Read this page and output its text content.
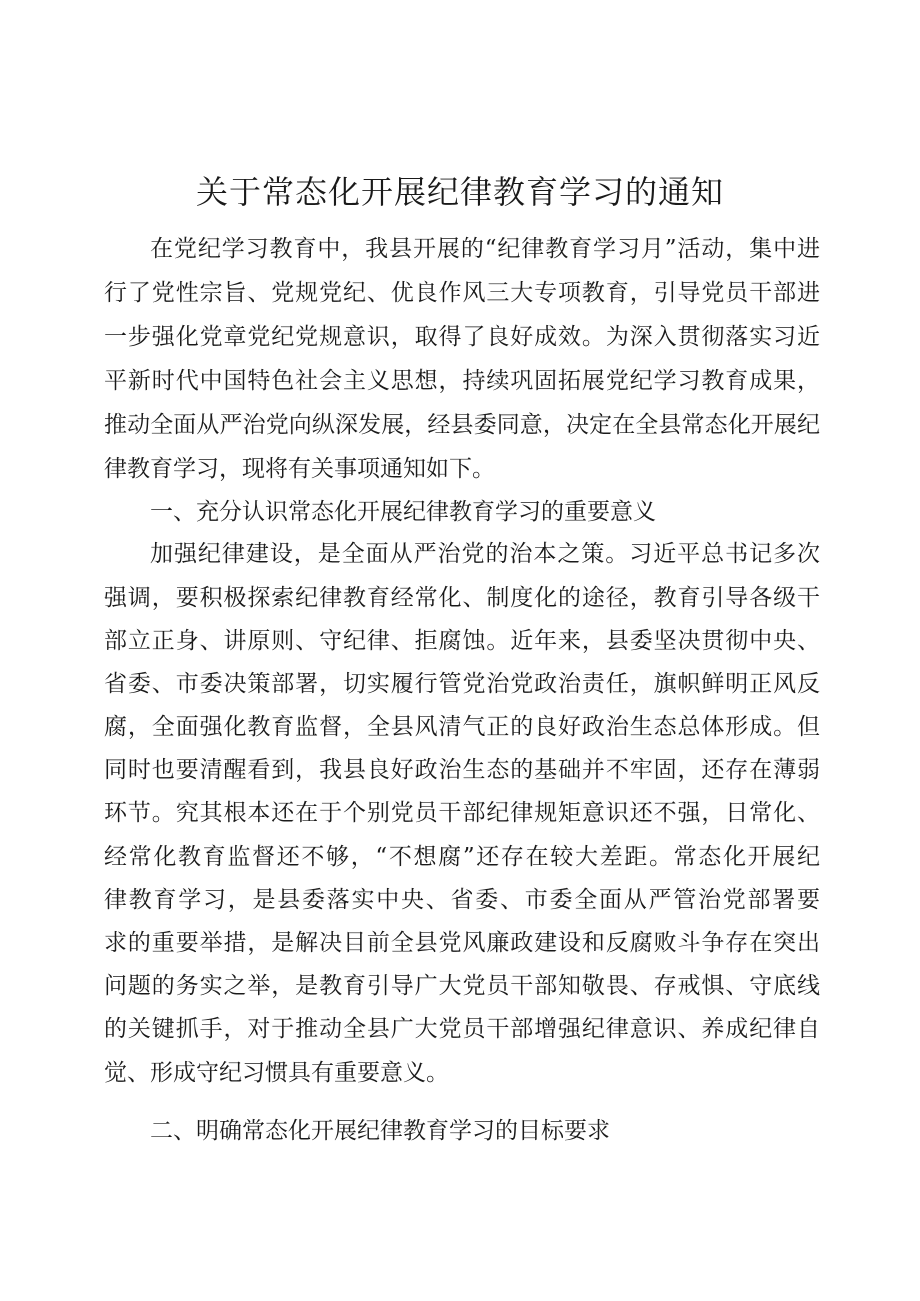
关于常态化开展纪律教育学习的通知
在党纪学习教育中，我县开展的“纪律教育学习月”活动，集中进
行了党性宗旨、党规党纪、优良作风三大专项教育，引导党员干部进
一步强化党章党纪党规意识，取得了良好成效。为深入贯彻落实习近
平新时代中国特色社会主义思想，持续巩固拓展党纪学习教育成果，
推动全面从严治党向纵深发展，经县委同意，决定在全县常态化开展纪
律教育学习，现将有关事项通知如下。
一、充分认识常态化开展纪律教育学习的重要意义
加强纪律建设，是全面从严治党的治本之策。习近平总书记多次
强调，要积极探索纪律教育经常化、制度化的途径，教育引导各级干
部立正身、讲原则、守纪律、拒腐蚀。近年来，县委坚决贯彻中央、
省委、市委决策部署，切实履行管党治党政治责任，旗帜鲜明正风反
腐，全面强化教育监督，全县风清气正的良好政治生态总体形成。但
同时也要清醒看到，我县良好政治生态的基础并不牢固，还存在薄弱
环节。究其根本还在于个别党员干部纪律规矩意识还不强，日常化、
经常化教育监督还不够，“不想腐”还存在较大差距。常态化开展纪
律教育学习，是县委落实中央、省委、市委全面从严管治党部署要
求的重要举措，是解决目前全县党风廉政建设和反腐败斗争存在突出
问题的务实之举，是教育引导广大党员干部知敬畏、存戒惧、守底线
的关键抓手，对于推动全县广大党员干部增强纪律意识、养成纪律自
觉、形成守纪习惯具有重要意义。
二、明确常态化开展纪律教育学习的目标要求
